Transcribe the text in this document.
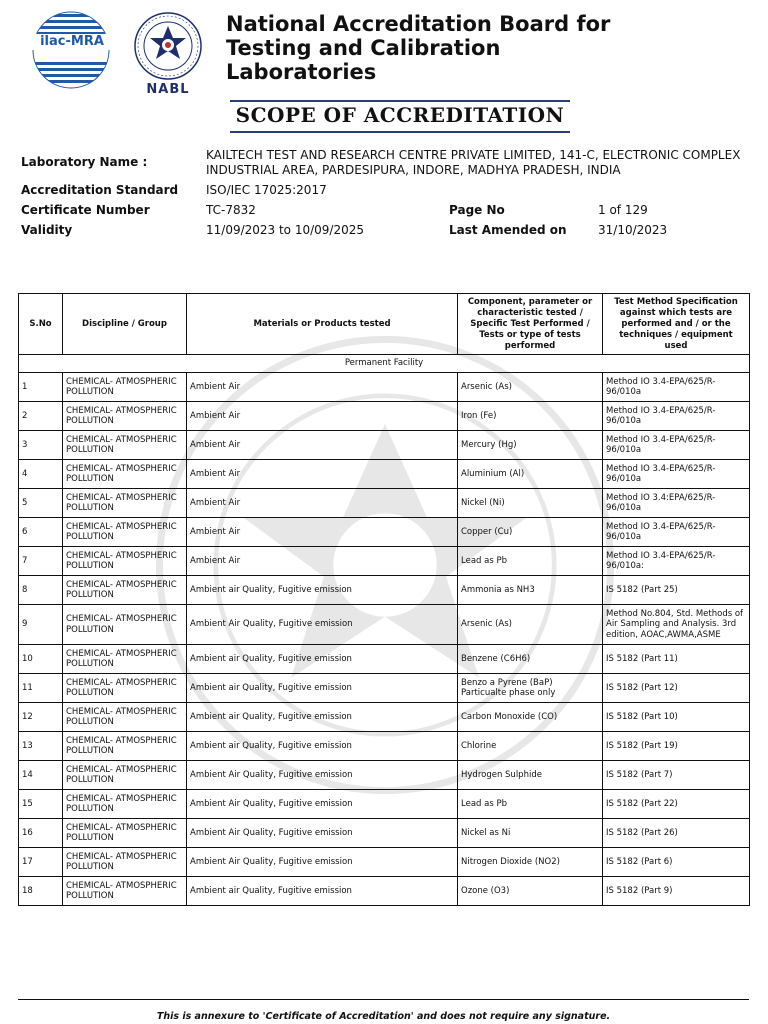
ilac-MRA
NABL
National Accreditation Board for Testing and Calibration Laboratories
SCOPE OF ACCREDITATION
Laboratory Name :	KAILTECH TEST AND RESEARCH CENTRE PRIVATE LIMITED, 141-C, ELECTRONIC COMPLEX INDUSTRIAL AREA, PARDESIPURA, INDORE, MADHYA PRADESH, INDIA
Accreditation Standard ISO/IEC 17025:2017
Certificate Number	TC-7832	Page No	1 of 129
Validity	11/09/2023 to 10/09/2025	Last Amended on	31/10/2023
S.No	Discipline / Group	Materials or Products tested	Component, parameter or characteristic tested / Specific Test Performed / Tests or type of tests performed	Test Method Specification against which tests are performed and / or the techniques / equipment used
Permanent Facility				
1	CHEMICAL- ATMOSPHERIC POLLUTION	Ambient Air	Arsenic (As)	Method IO 3.4-EPA/625/R-96/010a
2	CHEMICAL- ATMOSPHERIC POLLUTION	Ambient Air	Iron (Fe)	Method IO 3.4-EPA/625/R-96/010a
3	CHEMICAL- ATMOSPHERIC POLLUTION	Ambient Air	Mercury (Hg)	Method IO 3.4-EPA/625/R-96/010a
4	CHEMICAL- ATMOSPHERIC POLLUTION	Ambient Air	Aluminium (Al)	Method IO 3.4-EPA/625/R-96/010a
5	CHEMICAL- ATMOSPHERIC POLLUTION	Ambient Air	Nickel (Ni)	Method IO 3.4:EPA/625/R-96/010a
6	CHEMICAL- ATMOSPHERIC POLLUTION	Ambient Air	Copper (Cu)	Method IO 3.4-EPA/625/R-96/010a
7	CHEMICAL- ATMOSPHERIC POLLUTION	Ambient Air	Lead as Pb	Method IO 3.4-EPA/625/R-96/010a:
8	CHEMICAL- ATMOSPHERIC POLLUTION	Ambient air Quality, Fugitive emission	Ammonia as NH3	IS 5182 (Part 25)
9	CHEMICAL- ATMOSPHERIC POLLUTION	Ambient Air Quality, Fugitive emission	Arsenic (As)	Method No.804, Std. Methods of Air Sampling and Analysis. 3rd edition, AOAC,AWMA,ASME
10	CHEMICAL- ATMOSPHERIC POLLUTION	Ambient air Quality, Fugitive emission	Benzene (C6H6)	IS 5182 (Part 11)
11	CHEMICAL- ATMOSPHERIC POLLUTION	Ambient air Quality, Fugitive emission	Benzo a Pyrene (BaP) Particualte phase only	IS 5182 (Part 12)
12	CHEMICAL- ATMOSPHERIC POLLUTION	Ambient air Quality, Fugitive emission	Carbon Monoxide (CO)	IS 5182 (Part 10)
13	CHEMICAL- ATMOSPHERIC POLLUTION	Ambient air Quality, Fugitive emission	Chlorine	IS 5182 (Part 19)
14	CHEMICAL- ATMOSPHERIC POLLUTION	Ambient Air Quality, Fugitive emission	Hydrogen Sulphide	IS 5182 (Part 7)
15	CHEMICAL- ATMOSPHERIC POLLUTION	Ambient Air Quality, Fugitive emission	Lead as Pb	IS 5182 (Part 22)
16	CHEMICAL- ATMOSPHERIC POLLUTION	Ambient Air Quality, Fugitive emission	Nickel as Ni	IS 5182 (Part 26)
17	CHEMICAL- ATMOSPHERIC POLLUTION	Ambient Air Quality, Fugitive emission	Nitrogen Dioxide (NO2)	IS 5182 (Part 6)
18	CHEMICAL- ATMOSPHERIC POLLUTION	Ambient air Quality, Fugitive emission	Ozone (O3)	IS 5182 (Part 9)
This is annexure to 'Certificate of Accreditation' and does not require any signature.
